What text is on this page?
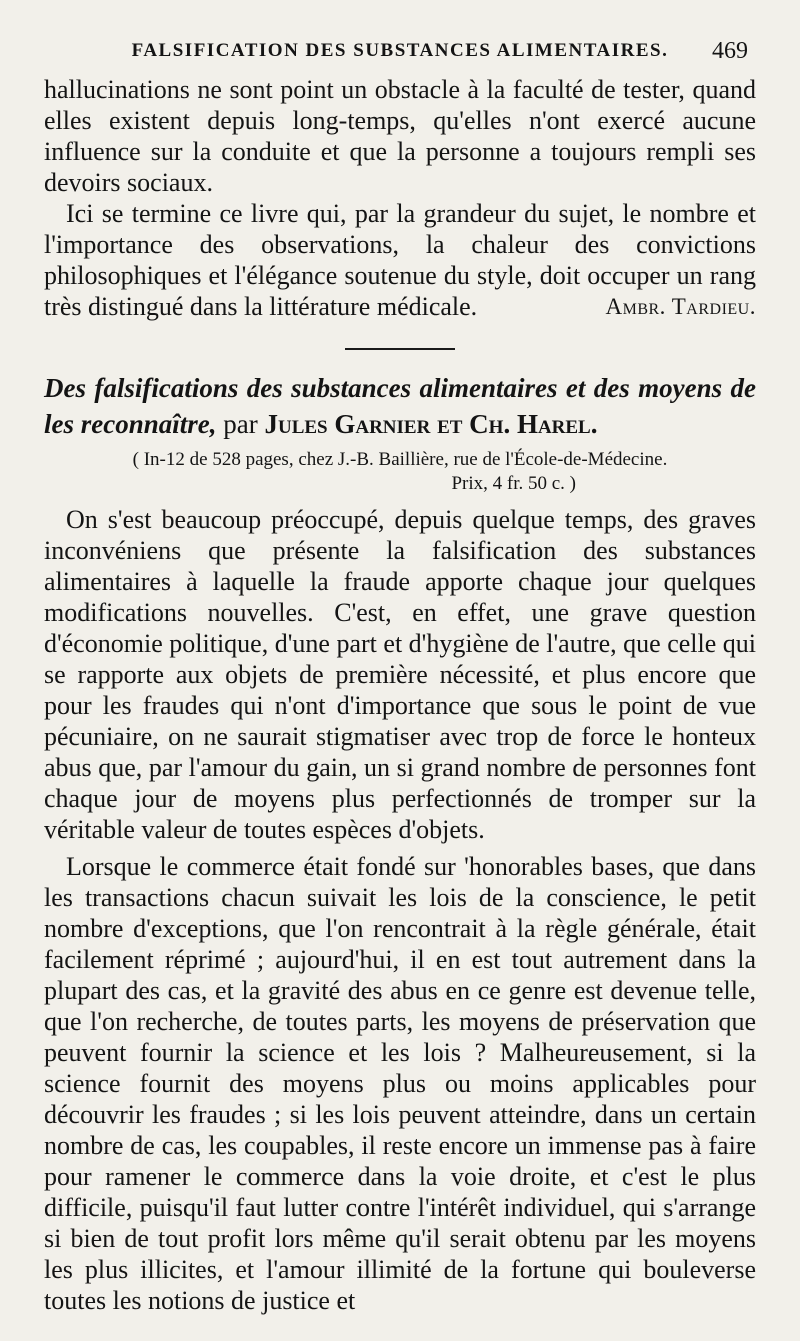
FALSIFICATION DES SUBSTANCES ALIMENTAIRES. 469

hallucinations ne sont point un obstacle à la faculté de tester, quand elles existent depuis long-temps, qu'elles n'ont exercé aucune influence sur la conduite et que la personne a toujours rempli ses devoirs sociaux.

Ici se termine ce livre qui, par la grandeur du sujet, le nombre et l'importance des observations, la chaleur des convictions philosophiques et l'élégance soutenue du style, doit occuper un rang très distingué dans la littérature médicale.	Ambr. Tardieu.

Des falsifications des substances alimentaires et des moyens de les reconnaître, par Jules Garnier et Ch. Harel.
( In-12 de 528 pages, chez J.-B. Baillière, rue de l'École-de-Médecine.
Prix, 4 fr. 50 c. )

On s'est beaucoup préoccupé, depuis quelque temps, des graves inconvéniens que présente la falsification des substances alimentaires à laquelle la fraude apporte chaque jour quelques modifications nouvelles. C'est, en effet, une grave question d'économie politique, d'une part et d'hygiène de l'autre, que celle qui se rapporte aux objets de première nécessité, et plus encore que pour les fraudes qui n'ont d'importance que sous le point de vue pécuniaire, on ne saurait stigmatiser avec trop de force le honteux abus que, par l'amour du gain, un si grand nombre de personnes font chaque jour de moyens plus perfectionnés de tromper sur la véritable valeur de toutes espèces d'objets.

Lorsque le commerce était fondé sur 'honorables bases, que dans les transactions chacun suivait les lois de la conscience, le petit nombre d'exceptions, que l'on rencontrait à la règle générale, était facilement réprimé ; aujourd'hui, il en est tout autrement dans la plupart des cas, et la gravité des abus en ce genre est devenue telle, que l'on recherche, de toutes parts, les moyens de préservation que peuvent fournir la science et les lois ? Malheureusement, si la science fournit des moyens plus ou moins applicables pour découvrir les fraudes ; si les lois peuvent atteindre, dans un certain nombre de cas, les coupables, il reste encore un immense pas à faire pour ramener le commerce dans la voie droite, et c'est le plus difficile, puisqu'il faut lutter contre l'intérêt individuel, qui s'arrange si bien de tout profit lors même qu'il serait obtenu par les moyens les plus illicites, et l'amour illimité de la fortune qui bouleverse toutes les notions de justice et
